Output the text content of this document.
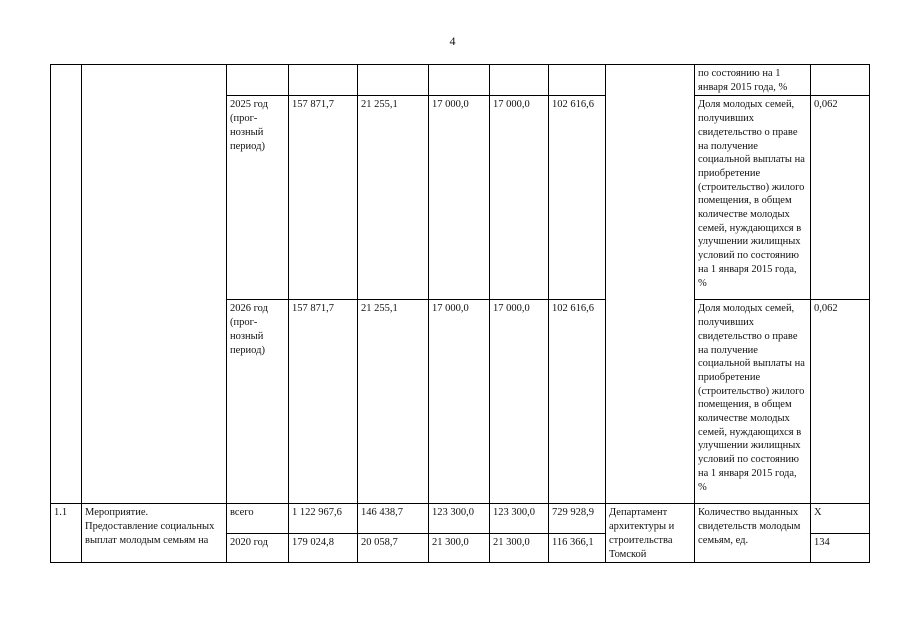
4
									по состоянию на 1 января 2015 года, %	
		2025 год (прог-нозный период)	157 871,7	21 255,1	17 000,0	17 000,0	102 616,6		Доля молодых семей, получивших свидетельство о праве на получение социальной выплаты на приобретение (строительство) жилого помещения, в общем количестве молодых семей, нуждающихся в улучшении жилищных условий по состоянию на 1 января 2015 года, %	0,062
		2026 год (прог-нозный период)	157 871,7	21 255,1	17 000,0	17 000,0	102 616,6		Доля молодых семей, получивших свидетельство о праве на получение социальной выплаты на приобретение (строительство) жилого помещения, в общем количестве молодых семей, нуждающихся в улучшении жилищных условий по состоянию на 1 января 2015 года, %	0,062
1.1	Мероприятие. Предоставление социальных выплат молодым семьям на	всего	1 122 967,6	146 438,7	123 300,0	123 300,0	729 928,9	Департамент архитектуры и строительства Томской	Количество выданных свидетельств молодым семьям, ед.	Х
		2020 год	179 024,8	20 058,7	21 300,0	21 300,0	116 366,1			134
